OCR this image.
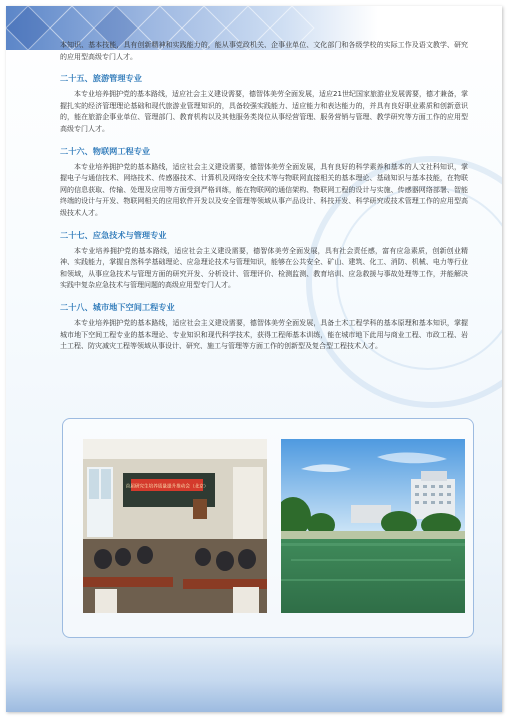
本知识、基本技能，具有创新精神和实践能力的，能从事党政机关、企事业单位、文化部门和各级学校的实际工作及语文教学、研究的应用型高级专门人才。

二十五、旅游管理专业

本专业培养拥护党的基本路线，适应社会主义建设需要，德智体美劳全面发展，适应21世纪国家旅游业发展需要，德才兼备，掌握扎实的经济管理理论基础和现代旅游业管理知识的，具备较强实践能力、适应能力和表达能力的，并具有良好职业素质和创新意识的，能在旅游企事业单位、管理部门、教育机构以及其他服务类岗位从事经营管理、服务营销与管理、教学研究等方面工作的应用型高级专门人才。

二十六、物联网工程专业

本专业培养拥护党的基本路线，适应社会主义建设需要，德智体美劳全面发展，具有良好的科学素养和基本的人文社科知识，掌握电子与通信技术、网络技术、传感器技术、计算机及网络安全技术等与物联网直接相关的基本理论、基础知识与基本技能，在物联网的信息获取、传输、处理及应用等方面受到严格训练，能在物联网的通信架构、物联网工程的设计与实施、传感器网络部署、智能终端的设计与开发、物联网相关的应用软件开发以及安全管理等领域从事产品设计、科技开发、科学研究或技术管理工作的应用型高级技术人才。

二十七、应急技术与管理专业

本专业培养拥护党的基本路线，适应社会主义建设需要，德智体美劳全面发展，具有社会责任感，富有应急素质，创新创业精神、实践能力，掌握自然科学基础理论、应急理论技术与管理知识，能够在公共安全、矿山、建筑、化工、消防、机械、电力等行业和领域，从事应急技术与管理方面的研究开发、分析设计、管理评价、检测监测、教育培训、应急救援与事故处理等工作，并能解决实践中复杂应急技术与管理问题的高级应用型专门人才。

二十八、城市地下空间工程专业

本专业培养拥护党的基本路线，适应社会主义建设需要，德智体美劳全面发展，具备土木工程学科的基本原理和基本知识，掌握城市地下空间工程专业的基本理论、专业知识和现代科学技术，获得工程师基本训练，能在城市地下此用与商业工程、市政工程、岩土工程、防灾减灾工程等领域从事设计、研究、施工与管理等方面工作的创新型及复合型工程技术人才。

首届研究生培养质量提升推动会（北京）
